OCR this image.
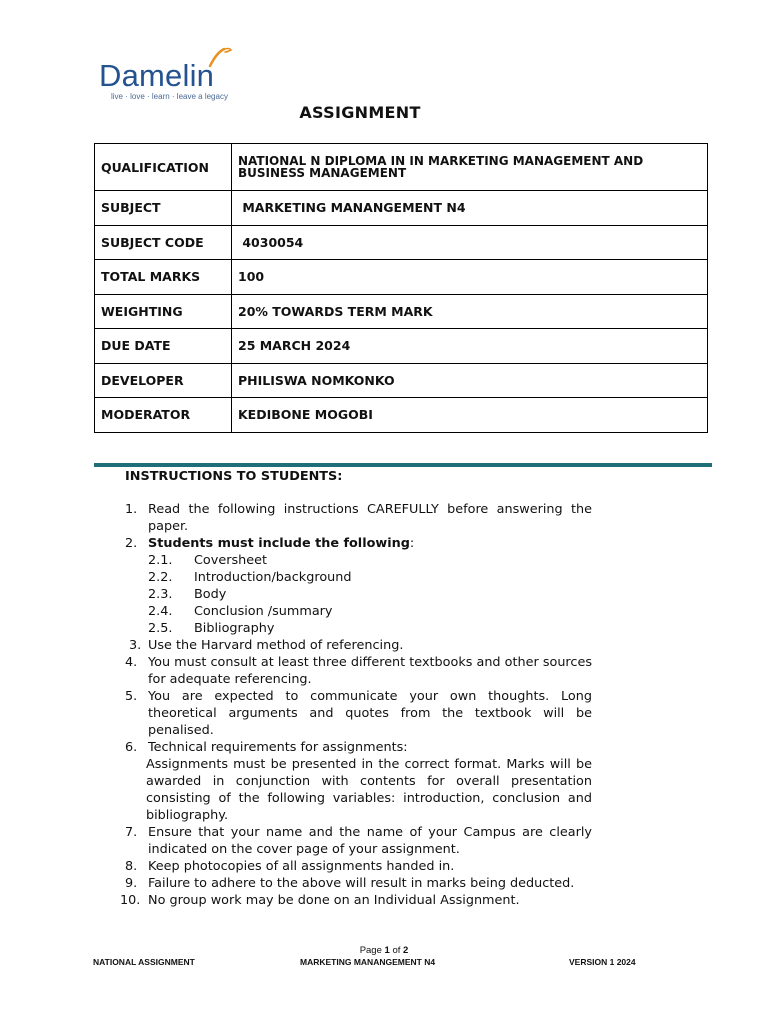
Damelin
live · love · learn · leave a legacy
ASSIGNMENT
QUALIFICATION	NATIONAL N DIPLOMA IN IN MARKETING MANAGEMENT AND BUSINESS MANAGEMENT
SUBJECT	MARKETING MANANGEMENT N4
SUBJECT CODE	4030054
TOTAL MARKS	100
WEIGHTING	20% TOWARDS TERM MARK
DUE DATE	25 MARCH 2024
DEVELOPER	PHILISWA NOMKONKO
MODERATOR	KEDIBONE MOGOBI
INSTRUCTIONS TO STUDENTS:
1. Read the following instructions CAREFULLY before answering the paper.
2. Students must include the following:
2.1. Coversheet
2.2. Introduction/background
2.3. Body
2.4. Conclusion /summary
2.5. Bibliography
3. Use the Harvard method of referencing.
4. You must consult at least three different textbooks and other sources for adequate referencing.
5. You are expected to communicate your own thoughts. Long theoretical arguments and quotes from the textbook will be penalised.
6. Technical requirements for assignments:
Assignments must be presented in the correct format. Marks will be awarded in conjunction with contents for overall presentation consisting of the following variables: introduction, conclusion and bibliography.
7. Ensure that your name and the name of your Campus are clearly indicated on the cover page of your assignment.
8. Keep photocopies of all assignments handed in.
9. Failure to adhere to the above will result in marks being deducted.
10. No group work may be done on an Individual Assignment.
Page 1 of 2
NATIONAL ASSIGNMENT	MARKETING MANANGEMENT N4	VERSION 1 2024
